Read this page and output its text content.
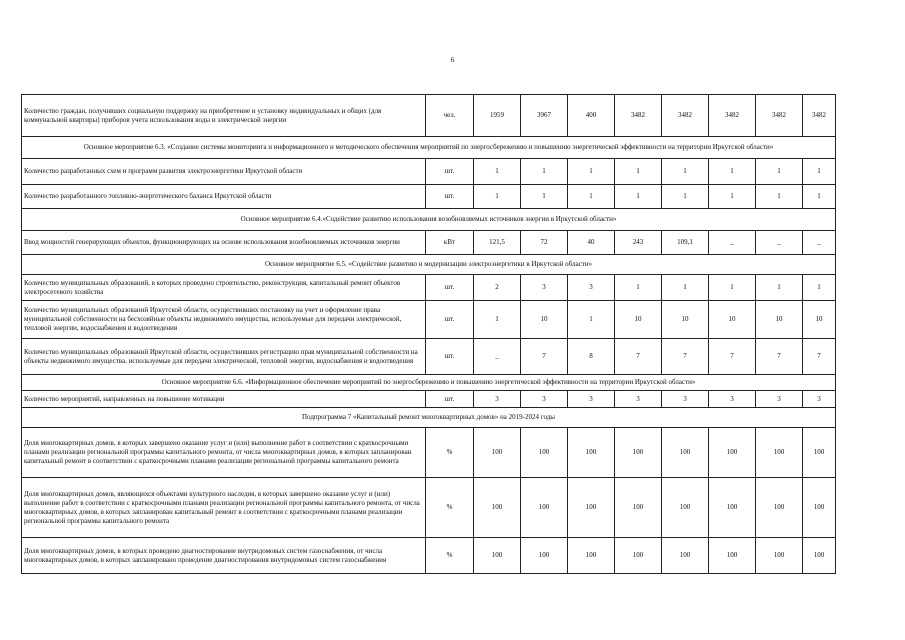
6
Количество граждан, получивших социальную поддержку на приобретение и установку индивидуальных и общих (для коммунальной квартиры) приборов учета использования воды и электрической энергии	чел.	1959	3967	400	3482	3482	3482	3482	3482
Основное мероприятие 6.3. «Создание системы мониторинга и информационного и методического обеспечения мероприятий по энергосбережению и повышению энергетической эффективности на территории Иркутской области»									
Количество разработанных схем и программ развития электроэнергетики Иркутской области	шт.	1	1	1	1	1	1	1	1
Количество разработанного топливно-энергетического баланса Иркутской области	шт.	1	1	1	1	1	1	1	1
Основное мероприятие 6.4.«Содействие развитию использования возобновляемых источников энергии в Иркутской области»									
Ввод мощностей генерирующих объектов, функционирующих на основе использования возобновляемых источников энергии	кВт	121,5	72	40	243	109,1	_	_	_
Основное мероприятие 6.5. «Содействие развитию и модернизации электроэнергетики в Иркутской области»									
Количество муниципальных образований, в которых проведено строительство, реконструкция, капитальный ремонт объектов электросетевого хозяйства	шт.	2	3	3	1	1	1	1	1
Количество муниципальных образований Иркутской области, осуществивших постановку на учет и оформление права муниципальной собственности на бесхозяйные объекты недвижимого имущества, используемые для передачи электрической, тепловой энергии, водоснабжения и водоотведения	шт.	1	10	1	10	10	10	10	10
Количество муниципальных образований Иркутской области, осуществивших регистрацию прав муниципальной собственности на объекты недвижимого имущества, используемые для передачи электрической, тепловой энергии, водоснабжения и водоотведения	шт.	_	7	8	7	7	7	7	7
Основное мероприятие 6.6. «Информационное обеспечение мероприятий по энергосбережению и повышению энергетической эффективности на территории Иркутской области»									
Количество мероприятий, направленных на повышение мотивации	шт.	3	3	3	3	3	3	3	3
Подпрограмма 7 «Капитальный ремонт многоквартирных домов» на 2019-2024 годы									
Доля многоквартирных домов, в которых завершено оказание услуг и (или) выполнение работ в соответствии с краткосрочными планами реализации региональной программы капитального ремонта, от числа многоквартирных домов, в которых запланирован капитальный ремонт в соответствии с краткосрочными планами реализации региональной программы капитального ремонта	%	100	100	100	100	100	100	100	100
Доля многоквартирных домов, являющихся объектами культурного наследия, в которых завершено оказание услуг и (или) выполнение работ в соответствии с краткосрочными планами реализации региональной программы капитального ремонта, от числа многоквартирных домов, в которых запланирован капитальный ремонт в соответствии с краткосрочными планами реализации региональной программы капитального ремонта	%	100	100	100	100	100	100	100	100
Доля многоквартирных домов, в которых проведено диагностирование внутридомовых систем газоснабжения, от числа многоквартирных домов, в которых запланировано проведение диагностирования внутридомовых систем газоснабжения	%	100	100	100	100	100	100	100	100
